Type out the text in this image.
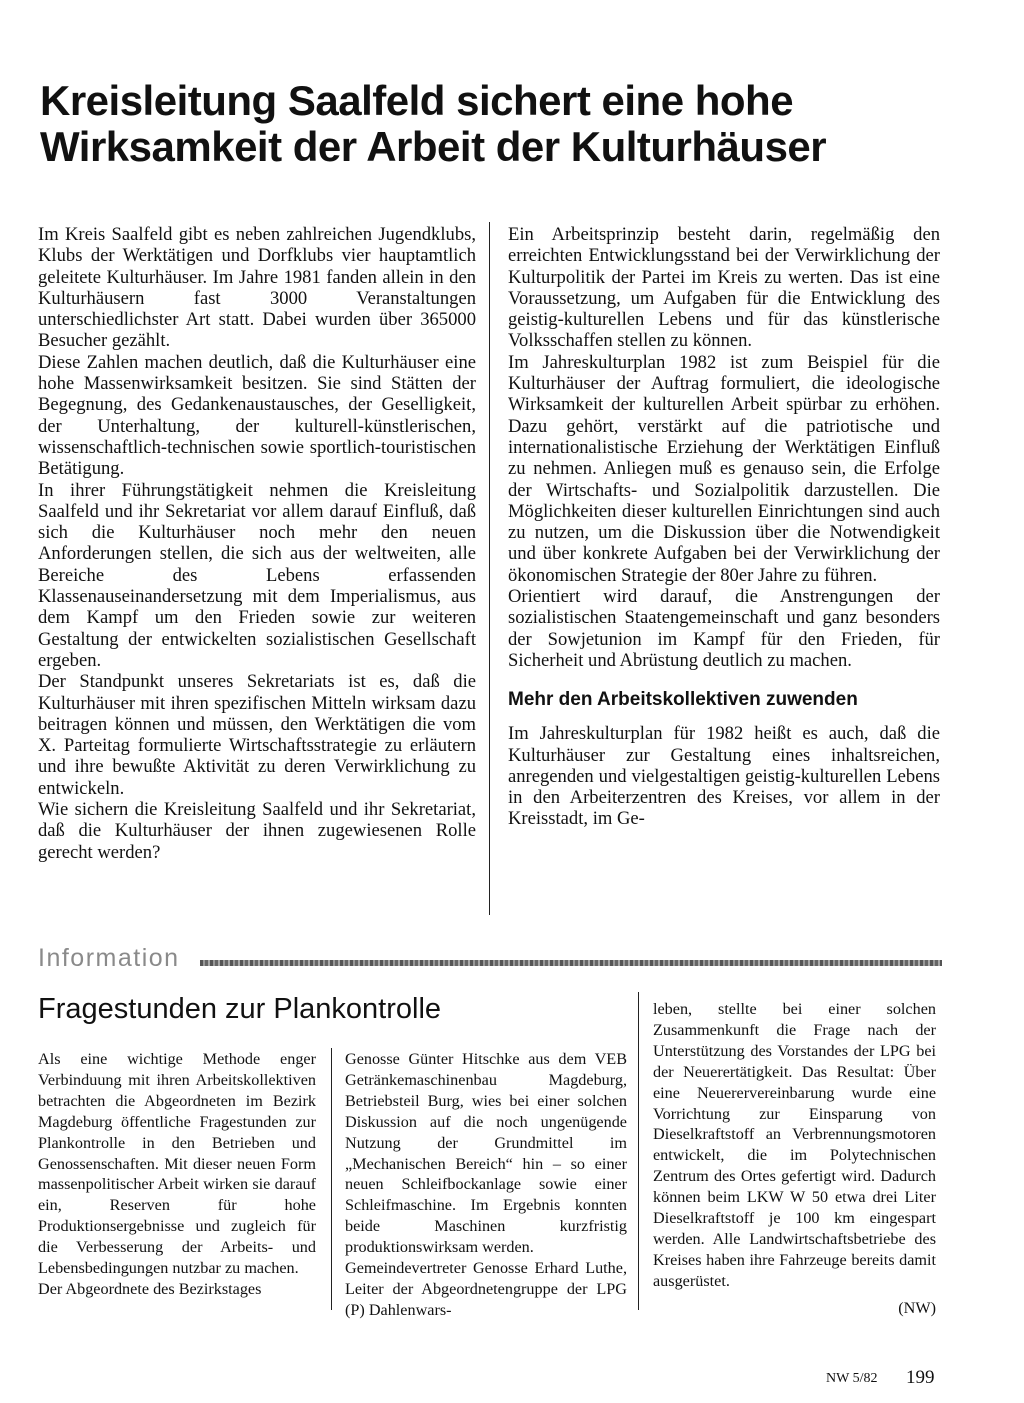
Kreisleitung Saalfeld sichert eine hohe Wirksamkeit der Arbeit der Kulturhäuser

Im Kreis Saalfeld gibt es neben zahlreichen Jugendklubs, Klubs der Werktätigen und Dorfklubs vier hauptamtlich geleitete Kulturhäuser. Im Jahre 1981 fanden allein in den Kulturhäusern fast 3000 Veranstaltungen unterschiedlichster Art statt. Dabei wurden über 365000 Besucher gezählt.

Diese Zahlen machen deutlich, daß die Kulturhäuser eine hohe Massenwirksamkeit besitzen. Sie sind Stätten der Begegnung, des Gedankenaustausches, der Geselligkeit, der Unterhaltung, der kulturell-künstlerischen, wissenschaftlich-technischen sowie sportlich-touristischen Betätigung.

In ihrer Führungstätigkeit nehmen die Kreisleitung Saalfeld und ihr Sekretariat vor allem darauf Einfluß, daß sich die Kulturhäuser noch mehr den neuen Anforderungen stellen, die sich aus der weltweiten, alle Bereiche des Lebens erfassenden Klassenauseinandersetzung mit dem Imperialismus, aus dem Kampf um den Frieden sowie zur weiteren Gestaltung der entwickelten sozialistischen Gesellschaft ergeben.

Der Standpunkt unseres Sekretariats ist es, daß die Kulturhäuser mit ihren spezifischen Mitteln wirksam dazu beitragen können und müssen, den Werktätigen die vom X. Parteitag formulierte Wirtschaftsstrategie zu erläutern und ihre bewußte Aktivität zu deren Verwirklichung zu entwickeln.

Wie sichern die Kreisleitung Saalfeld und ihr Sekretariat, daß die Kulturhäuser der ihnen zugewiesenen Rolle gerecht werden?

Ein Arbeitsprinzip besteht darin, regelmäßig den erreichten Entwicklungsstand bei der Verwirklichung der Kulturpolitik der Partei im Kreis zu werten. Das ist eine Voraussetzung, um Aufgaben für die Entwicklung des geistig-kulturellen Lebens und für das künstlerische Volksschaffen stellen zu können.

Im Jahreskulturplan 1982 ist zum Beispiel für die Kulturhäuser der Auftrag formuliert, die ideologische Wirksamkeit der kulturellen Arbeit spürbar zu erhöhen. Dazu gehört, verstärkt auf die patriotische und internationalistische Erziehung der Werktätigen Einfluß zu nehmen. Anliegen muß es genauso sein, die Erfolge der Wirtschafts- und Sozialpolitik darzustellen. Die Möglichkeiten dieser kulturellen Einrichtungen sind auch zu nutzen, um die Diskussion über die Notwendigkeit und über konkrete Aufgaben bei der Verwirklichung der ökonomischen Strategie der 80er Jahre zu führen.

Orientiert wird darauf, die Anstrengungen der sozialistischen Staatengemeinschaft und ganz besonders der Sowjetunion im Kampf für den Frieden, für Sicherheit und Abrüstung deutlich zu machen.

Mehr den Arbeitskollektiven zuwenden

Im Jahreskulturplan für 1982 heißt es auch, daß die Kulturhäuser zur Gestaltung eines inhaltsreichen, anregenden und vielgestaltigen geistig-kulturellen Lebens in den Arbeiterzentren des Kreises, vor allem in der Kreisstadt, im Ge-

Information
Fragestunden zur Plankontrolle

Als eine wichtige Methode enger Verbinduung mit ihren Arbeitskollektiven betrachten die Abgeordneten im Bezirk Magdeburg öffentliche Fragestunden zur Plankontrolle in den Betrieben und Genossenschaften. Mit dieser neuen Form massenpolitischer Arbeit wirken sie darauf ein, Reserven für hohe Produktionsergebnisse und zugleich für die Verbesserung der Arbeits- und Lebensbedingungen nutzbar zu machen.

Der Abgeordnete des Bezirkstages

Genosse Günter Hitschke aus dem VEB Getränkemaschinenbau Magdeburg, Betriebsteil Burg, wies bei einer solchen Diskussion auf die noch ungenügende Nutzung der Grundmittel im „Mechanischen Bereich“ hin – so einer neuen Schleifbockanlage sowie einer Schleifmaschine. Im Ergebnis konnten beide Maschinen kurzfristig produktionswirksam werden.

Gemeindevertreter Genosse Erhard Luthe, Leiter der Abgeordnetengruppe der LPG (P) Dahlenwars-

leben, stellte bei einer solchen Zusammenkunft die Frage nach der Unterstützung des Vorstandes der LPG bei der Neuerertätigkeit. Das Resultat: Über eine Neuerervereinbarung wurde eine Vorrichtung zur Einsparung von Dieselkraftstoff an Verbrennungsmotoren entwickelt, die im Polytechnischen Zentrum des Ortes gefertigt wird. Dadurch können beim LKW W 50 etwa drei Liter Dieselkraftstoff je 100 km eingespart werden. Alle Landwirtschaftsbetriebe des Kreises haben ihre Fahrzeuge bereits damit ausgerüstet.

(NW)

NW 5/82 199
